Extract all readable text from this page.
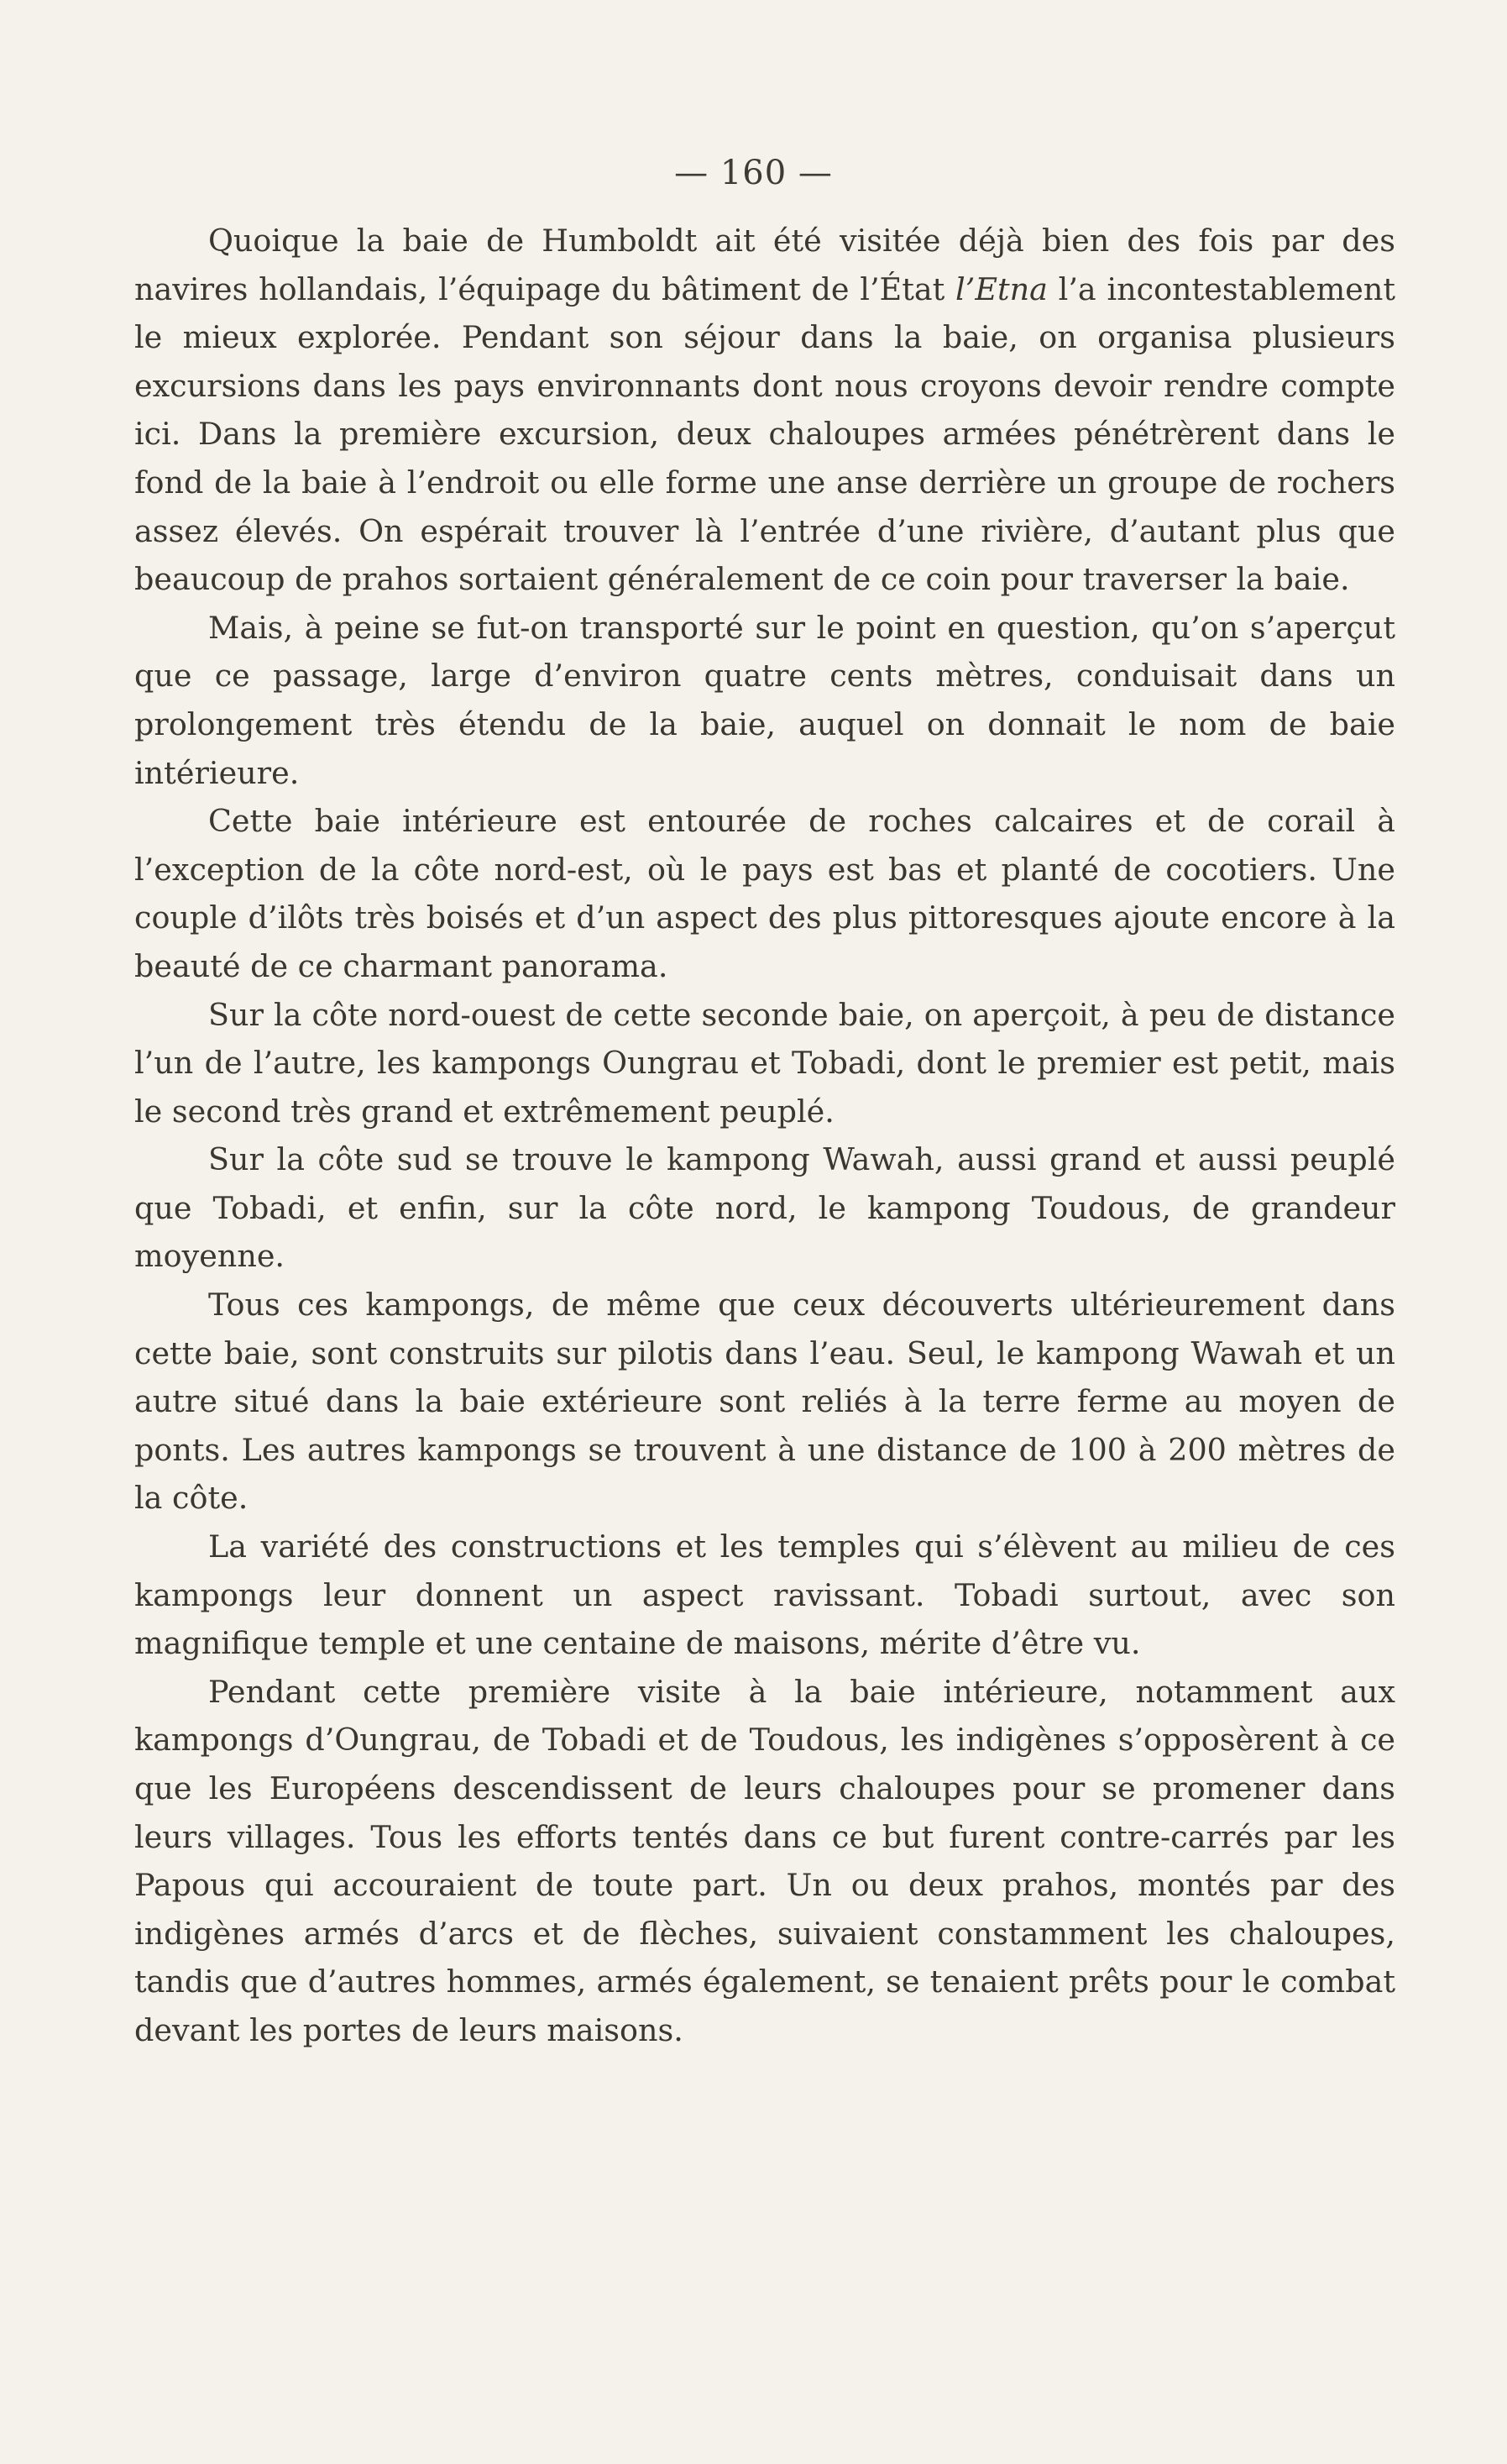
— 160 —

Quoique la baie de Humboldt ait été visitée déjà bien des fois par des navires hollandais, l’équipage du bâtiment de l’État l’Etna l’a incontestablement le mieux explorée. Pendant son séjour dans la baie, on organisa plusieurs excursions dans les pays environnants dont nous croyons devoir rendre compte ici. Dans la première excursion, deux chaloupes armées pénétrèrent dans le fond de la baie à l’endroit ou elle forme une anse derrière un groupe de rochers assez élevés. On espérait trouver là l’entrée d’une rivière, d’autant plus que beaucoup de prahos sortaient généralement de ce coin pour traverser la baie.

Mais, à peine se fut-on transporté sur le point en question, qu’on s’aperçut que ce passage, large d’environ quatre cents mètres, conduisait dans un prolongement très étendu de la baie, auquel on donnait le nom de baie intérieure.

Cette baie intérieure est entourée de roches calcaires et de corail à l’exception de la côte nord-est, où le pays est bas et planté de cocotiers. Une couple d’ilôts très boisés et d’un aspect des plus pittoresques ajoute encore à la beauté de ce charmant panorama.

Sur la côte nord-ouest de cette seconde baie, on aperçoit, à peu de distance l’un de l’autre, les kampongs Oungrau et Tobadi, dont le premier est petit, mais le second très grand et extrêmement peuplé.

Sur la côte sud se trouve le kampong Wawah, aussi grand et aussi peuplé que Tobadi, et enfin, sur la côte nord, le kampong Toudous, de grandeur moyenne.

Tous ces kampongs, de même que ceux découverts ultérieurement dans cette baie, sont construits sur pilotis dans l’eau. Seul, le kampong Wawah et un autre situé dans la baie extérieure sont reliés à la terre ferme au moyen de ponts. Les autres kampongs se trouvent à une distance de 100 à 200 mètres de la côte.

La variété des constructions et les temples qui s’élèvent au milieu de ces kampongs leur donnent un aspect ravissant. Tobadi surtout, avec son magnifique temple et une centaine de maisons, mérite d’être vu.

Pendant cette première visite à la baie intérieure, notamment aux kampongs d’Oungrau, de Tobadi et de Toudous, les indigènes s’opposèrent à ce que les Européens descendissent de leurs chaloupes pour se promener dans leurs villages. Tous les efforts tentés dans ce but furent contre-carrés par les Papous qui accouraient de toute part. Un ou deux prahos, montés par des indigènes armés d’arcs et de flèches, suivaient constamment les chaloupes, tandis que d’autres hommes, armés également, se tenaient prêts pour le combat devant les portes de leurs maisons.
